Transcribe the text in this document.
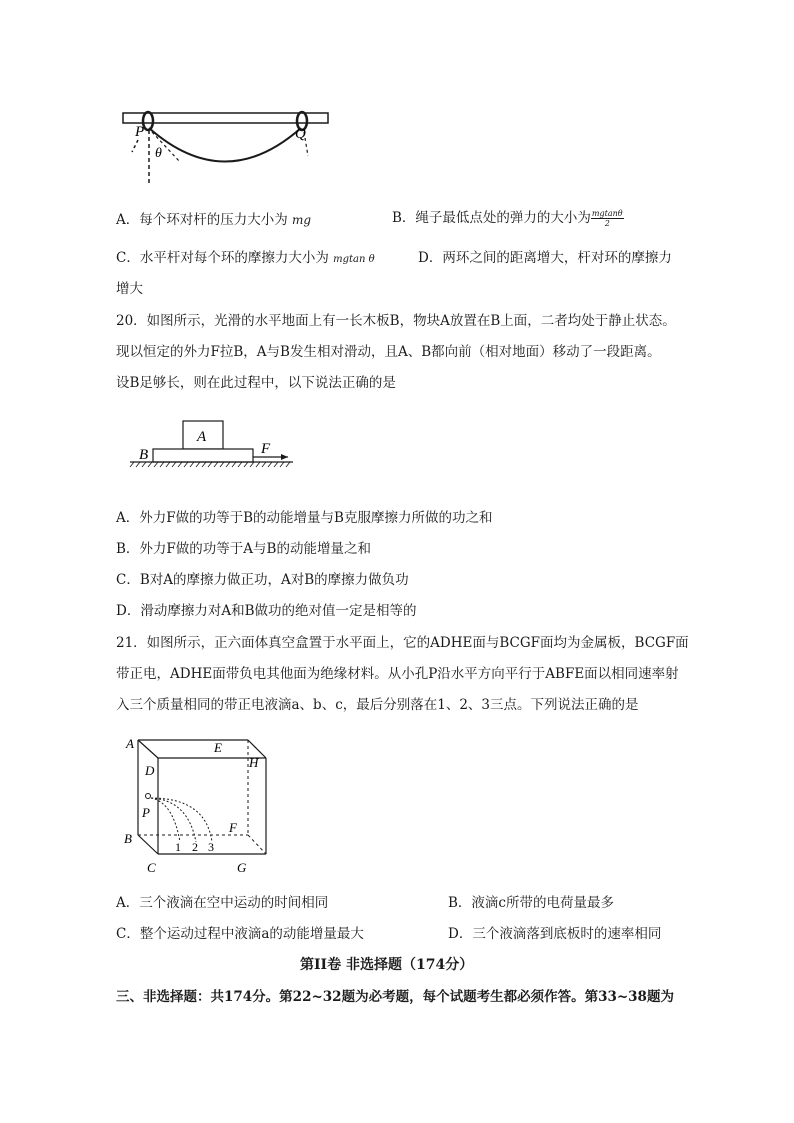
P	Q
θ
A．每个环对杆的压力大小为 mg	B．绳子最低点处的弹力的大小为 $\frac{mgtan\theta}{2}$
C．水平杆对每个环的摩擦力大小为 mgtan θ	D．两环之间的距离增大，杆对环的摩擦力
增大
20．如图所示，光滑的水平地面上有一长木板B，物块A放置在B上面，二者均处于静止状态。
现以恒定的外力F拉B，A与B发生相对滑动，且A、B都向前（相对地面）移动了一段距离。
设B足够长，则在此过程中，以下说法正确的是
A
B	F
A．外力F做的功等于B的动能增量与B克服摩擦力所做的功之和
B．外力F做的功等于A与B的动能增量之和
C．B对A的摩擦力做正功，A对B的摩擦力做负功
D．滑动摩擦力对A和B做功的绝对值一定是相等的
21．如图所示，正六面体真空盒置于水平面上，它的ADHE面与BCGF面均为金属板，BCGF面
带正电，ADHE面带负电其他面为绝缘材料。从小孔P沿水平方向平行于ABFE面以相同速率射
入三个质量相同的带正电液滴a、b、c，最后分别落在1、2、3三点。下列说法正确的是
A	E
H
D
P
B
F
C	G
1 2 3
A．三个液滴在空中运动的时间相同	B．液滴c所带的电荷量最多
C．整个运动过程中液滴a的动能增量最大	D．三个液滴落到底板时的速率相同
第II卷 非选择题（174分）
三、非选择题：共174分。第22~32题为必考题，每个试题考生都必须作答。第33~38题为
